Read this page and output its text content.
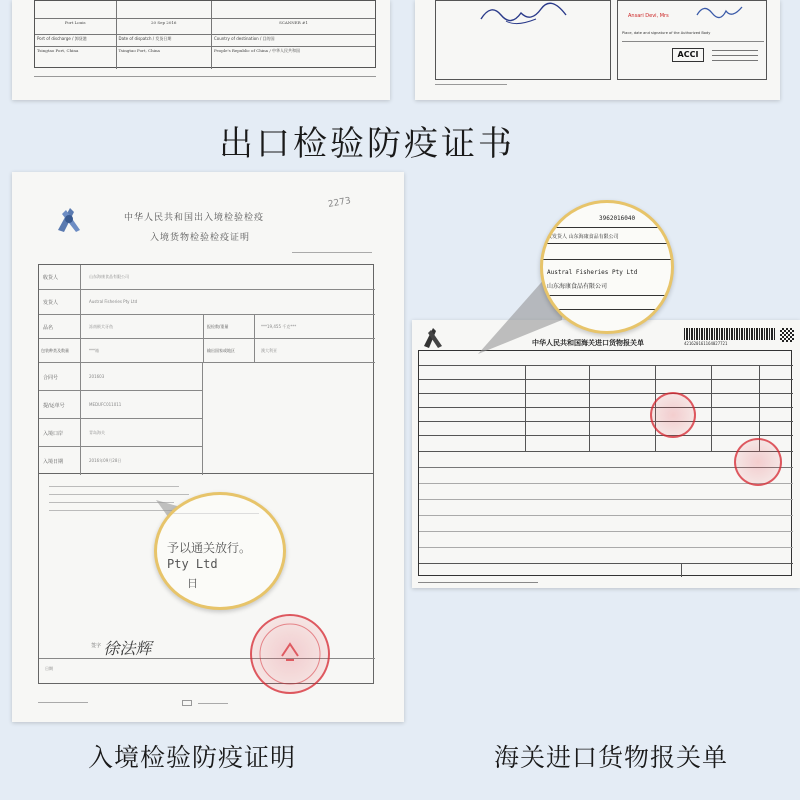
Port Louis	20 Sep 2016	SCANNER #1
Port of discharge / 卸货港	Date of dispatch / 发货日期	Country of destination / 目的国
Tsingtao Port, China	Tsingtao Port, China	People's Republic of China / 中华人民共和国
Ansari Devi, Mrs
Place, date and signature of the Authorized Body
ACCI
出口检验防疫证书
中华人民共和国出入境检验检疫
入境货物检验检疫证明
2273
收货人	山东海康食品有限公司
发货人	Austral Fisheries Pty Ltd
品名	冻南极犬牙鱼	报检数/重量	***19,455 千克***
包装种类及数量	***箱	输出国家或地区	澳大利亚
合同号	201603
提/运单号	MEDUFC011011
入境口岸	青岛海关
入境日期	2016年09月28日
签字 徐法辉
日期
予以通关放行。
Pty Ltd
日
中华人民共和国海关进口货物报关单	421620161164027721
3962016040
收发货人 山东海康食品有限公司
Austral Fisheries Pty Ltd
山东海康食品有限公司
0CPRE
入境检验防疫证明	海关进口货物报关单
